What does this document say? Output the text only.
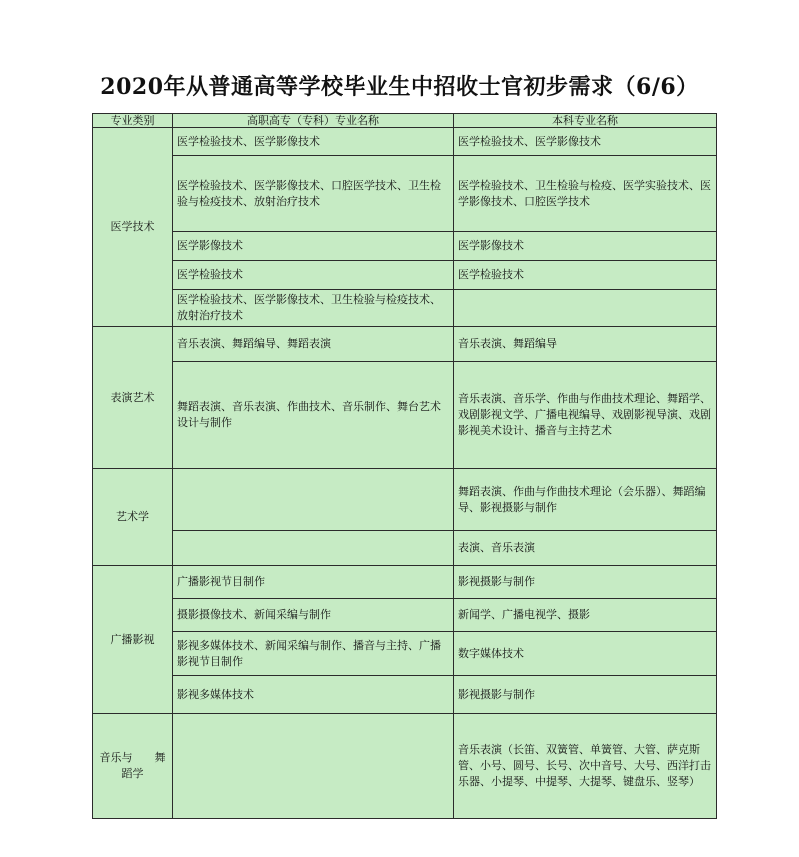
2020年从普通高等学校毕业生中招收士官初步需求（6/6）
专业类别	高职高专（专科）专业名称	本科专业名称
医学技术	医学检验技术、医学影像技术	医学检验技术、医学影像技术
	医学检验技术、医学影像技术、口腔医学技术、卫生检验与检疫技术、放射治疗技术	医学检验技术、卫生检验与检疫、医学实验技术、医学影像技术、口腔医学技术
	医学影像技术	医学影像技术
	医学检验技术	医学检验技术
	医学检验技术、医学影像技术、卫生检验与检疫技术、放射治疗技术	
表演艺术	音乐表演、舞蹈编导、舞蹈表演	音乐表演、舞蹈编导
	舞蹈表演、音乐表演、作曲技术、音乐制作、舞台艺术设计与制作	音乐表演、音乐学、作曲与作曲技术理论、舞蹈学、戏剧影视文学、广播电视编导、戏剧影视导演、戏剧影视美术设计、播音与主持艺术
艺术学		舞蹈表演、作曲与作曲技术理论（会乐器）、舞蹈编导、影视摄影与制作
		表演、音乐表演
广播影视	广播影视节目制作	影视摄影与制作
	摄影摄像技术、新闻采编与制作	新闻学、广播电视学、摄影
	影视多媒体技术、新闻采编与制作、播音与主持、广播影视节目制作	数字媒体技术
	影视多媒体技术	影视摄影与制作
音乐与　　舞蹈学		音乐表演（长笛、双簧管、单簧管、大管、萨克斯管、小号、圆号、长号、次中音号、大号、西洋打击乐器、小提琴、中提琴、大提琴、键盘乐、竖琴）
